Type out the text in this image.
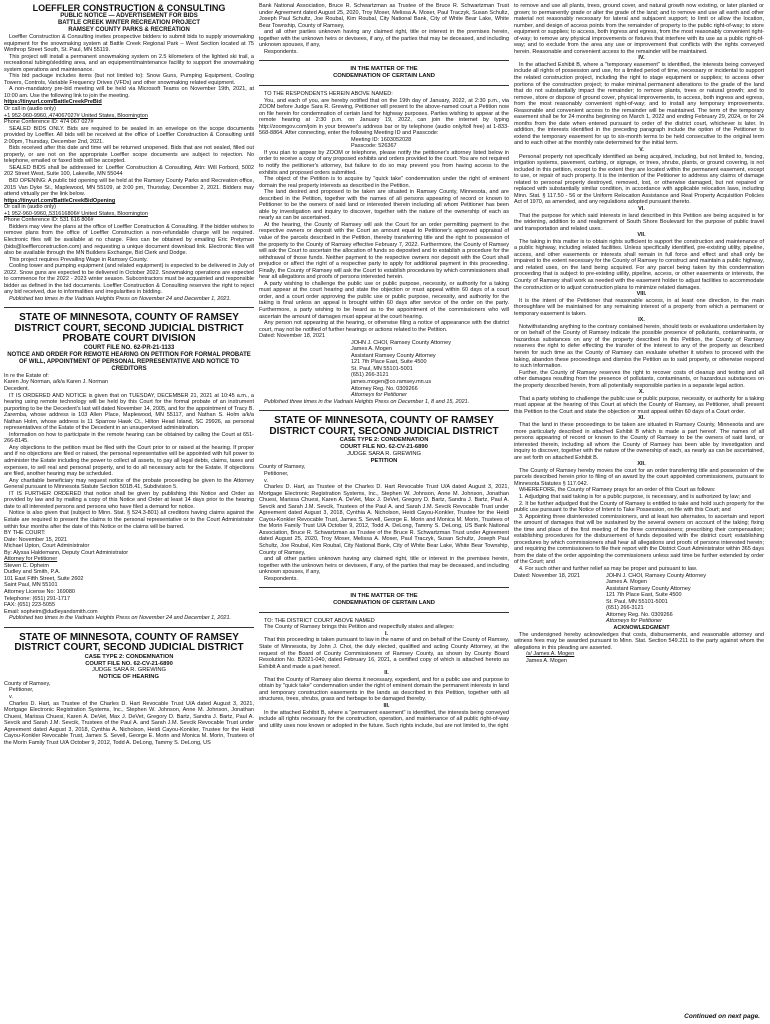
LOEFFLER CONSTRUCTION & CONSULTING
PUBLIC NOTICE — ADVERTISEMENT FOR BIDS
BATTLE CREEK WINTER RECREATION PROJECT
RAMSEY COUNTY PARKS & RECREATION

Loeffler Construction & Consulting invites prospective bidders to submit bids to supply snowmaking equipment for the snowmaking system at Battle Creek Regional Park – West Section located at 75 Winthrop Street South, St. Paul, MN 55119.

This project will install a permanent snowmaking system on 2.5 kilometers of the lighted ski trail, a recreational tubing/sledding area, and an equipment/maintenance facility to support the snowmaking system operations and maintenance.

This bid package includes items (but not limited to): Snow Guns, Pumping Equipment, Cooling Towers, Controls, Variable Frequency Drives (VFDs) and other snowmaking related equipment.

A non-mandatory pre-bid meeting will be held via Microsoft Teams on November 19th, 2021, at 10:00 am. Use the following link to join the meeting.

https://tinyurl.com/BattleCreekPreBid

Or call in (audio only)

+1 952-960-9960,,474067027# United States, Bloomington

Phone Conference ID: 474 067 027#

SEALED BIDS ONLY. Bids are required to be sealed in an envelope on the scope documents provided by Loeffler. All bids will be received at the office of Loeffler Construction & Consulting until 2:00pm, Thursday, December 2nd, 2021.

Bids received after this date and time will be returned unopened. Bids that are not sealed, filled out properly, or are not on the appropriate Loeffler scope documents are subject to rejection. No telephone, emailed or faxed bids will be accepted.

SEALED BIDS shall be addressed to: Loeffler Construction & Consulting, Attn: Will Forbord, 5002 202 Street West, Suite 100, Lakeville, MN 55044

BID OPENING: A public bid opening will be held at the Ramsey County Parks and Recreation office, 2015 Van Dyke St., Maplewood, MN 55109, at 3:00 pm, Thursday, December 2, 2021. Bidders may attend virtually per the link below.

https://tinyurl.com/BattleCreekBidOpening

Or call in (audio only)

+1 952-960-9960,,531616806# United States, Bloomington

Phone Conference ID: 531 616 806#

Bidders may view the plans at the office of Loeffler Construction & Consulting. If the bidder wishes to remove plans from the office of Loeffler Construction a non-refundable charge will be required. Electronic files will be available at no charge. Files can be obtained by emailing Eric Pretyman (bids@loefflerconstruction.com) and requesting a unique document download link. Electronic files will also be available through the MN Builders Exchange, Bid Clerk and Dodge.

This project requires Prevailing Wage in Ramsey County.

Cooling tower and pumping equipment (and related equipment) is expected to be delivered in July of 2022. Snow guns are expected to be delivered in October 2022. Snowmaking operations are expected to commence for the 2022 - 2023 winter season. Subcontractors must be acquainted and responsible bidder as defined in the bid documents. Loeffler Construction & Consulting reserves the right to reject any bid received, due to informalities and irregularities in bidding.

Published two times in the Vadnais Heights Press on November 24 and December 1, 2021.

STATE OF MINNESOTA, COUNTY OF RAMSEY DISTRICT COURT, SECOND JUDICIAL DISTRICT PROBATE COURT DIVISION
COURT FILE NO. 62-PR-21-1133
NOTICE AND ORDER FOR REMOTE HEARING ON PETITION FOR FORMAL PROBATE OF WILL, APPOINTMENT OF PERSONAL REPRESENTATIVE AND NOTICE TO CREDITORS

In re the Estate of:

Karen Joy Norman, a/k/a Karen J. Norman

Decedent.

IT IS ORDERED AND NOTICE is given that on TUESDAY, DECEMBER 21, 2021 at 10:45 a.m., a hearing using remote technology will be held by this Court for the formal probate of an instrument purporting to be the Decedent's last will dated November 14, 2005, and for the appointment of Tracy B. Zaremba, whose address is 103 Allen Place, Maplewood, MN 55117, and Nathan S. Holm a/k/a Nathan Holm, whose address is 11 Sparrow Hawk Ct., Hilton Head Island, SC 29926, as personal representatives of the Estate of the Decedent in an unsupervised administration.

Information on how to participate in the remote hearing can be obtained by calling the Court at 651-266-8145.

Any objections to the petition must be filed with the Court prior to or raised at the hearing. If proper and if no objections are filed or raised, the personal representative will be appointed with full power to administer the Estate including the power to collect all assets, to pay all legal debts, claims, taxes and expenses, to sell real and personal property, and to do all necessary acts for the Estate. If objections are filed, another hearing may be scheduled.

Any charitable beneficiary may request notice of the probate proceeding be given to the Attorney General pursuant to Minnesota Statute Section 501B.41, Subdivision 5.

IT IS FURTHER ORDERED that notice shall be given by publishing this Notice and Order as provided by law and by mailing a copy of this Notice and Order at least 14 days prior to the hearing date to all interested persons and persons who have filed a demand for notice.

Notice is also given that (subject to Minn. Stat. § 524.3-801) all creditors having claims against the Estate are required to present the claims to the personal representative or to the Court Administrator within four months after the date of this Notice or the claims will be barred.

BY THE COURT:

Date: November 15, 2021

Michael Upton, Court Administrator

By: Alyssa Haldemann, Deputy Court Administrator

Attorney for Petitioner

Steven C. Opheim

Dudley and Smith, P.A.

101 East Fifth Street, Suite 2602

Saint Paul, MN 55101

Attorney License No: 169080

Telephone: (651) 291-1717

FAX: (651) 223-5055

Email: sopheim@dudleyandsmith.com

Published two times in the Vadnais Heights Press on November 24 and December 1, 2021.

STATE OF MINNESOTA, COUNTY OF RAMSEY DISTRICT COURT, SECOND JUDICIAL DISTRICT
CASE TYPE 2: CONDEMNATION
COURT FILE NO. 62-CV-21-6890
JUDGE SARA R. GREWING
NOTICE OF HEARING

County of Ramsey,

Petitioner,

v.

Charles D. Hart, as Trustee of the Charles D. Hart Revocable Trust U/A dated August 3, 2021, Mortgage Electronic Registration Systems, Inc., Stephen W. Johnson, Anne M. Johnson, Jonathan Chuesi, Marissa Chuesi, Karen A. DeVet, Max J. DeVet, Gregory D. Bartz, Sandra J. Bartz, Paul A. Sevcik and Sarah J.M. Sevcik, Trustees of the Paul A. and Sarah J.M. Sevcik Revocable Trust under Agreement dated August 3, 2018, Cynthia A. Nicholson, Heidi Cayou-Konkler, Trustee for the Heidi Cayou-Konkler Revocable Trust, James S. Sevell, George E. Morin and Monica M. Morin, Trustees of the Morin Family Trust U/A October 9, 2012, Todd A. DeLong, Tammy S. DeLong, US

Bank National Association, Bruce R. Schwartzman as Trustee of the Bruce R. Schwartzman Trust under Agreement dated August 25, 2020, Troy Moser, Melissa A. Moser, Paul Traczyk, Susan Schultz, Joseph Paul Schultz, Joe Roubal, Kim Roubal, City National Bank, City of White Bear Lake, White Bear Township, County of Ramsey,

and all other parties unknown having any claimed right, title or interest in the premises herein, together with the unknown heirs or devisees, if any, of the parties that may be deceased, and including unknown spouses, if any,

Respondents.

IN THE MATTER OF THE
CONDEMNATION OF CERTAIN LAND

TO THE RESPONDENTS HEREIN ABOVE NAMED:

You, and each of you, are hereby notified that on the 19th day of January, 2022, at 2:30 p.m., via ZOOM before Judge Sara R. Grewing, Petitioner will present to the above-named court a Petition now on file herein for condemnation of certain land for highway purposes. Parties wishing to appear at the remote hearing at 2:30 p.m. on January 19, 2022, can join the internet by typing http://zoomgov.com/join in your browser's address bar or by telephone (audio only/toll free) at 1-833-568-8864. After connecting, enter the following Meeting ID and Passcode:

Meeting ID: 1603052028

Passcode: 526367

If you plan to appear by ZOOM or telephone, please notify the petitioner's attorney listed below in order to receive a copy of any proposed exhibits and orders provided to the court. You are not required to notify the petitioner's attorney, but failure to do so may prevent you from having access to the exhibits and proposed orders submitted.

The object of the Petition is to acquire by "quick take" condemnation under the right of eminent domain the real property interests as described in the Petition.

The land desired and proposed to be taken are situated in Ramsey County, Minnesota, and are described in the Petition, together with the names of all persons appearing of record or known to Petitioner to be the owners of said land or interested therein including all whom Petitioner has been able by investigation and inquiry to discover, together with the nature of the ownership of each as nearly as can be ascertained.

At the hearing, the County of Ramsey will ask the Court for an order permitting payment to the respective owners or deposit with the Court an amount equal to Petitioner's approved appraisal of value of the parcels described in the Petition, thereby transferring title and the right to possession of the property to the County of Ramsey effective February 7, 2022. Furthermore, the County of Ramsey will ask the Court to ascertain the allocation of funds so deposited and to establish a procedure for the withdrawal of those funds. Neither payment to the respective owners nor deposit with the Court shall prejudice or affect the right of a respective party to apply for additional payment in this proceeding. Finally, the County of Ramsey will ask the Court to establish procedures by which commissioners shall hear all allegations and proofs of persons interested herein.

A party wishing to challenge the public use or public purpose, necessity, or authority for a taking must appear at the court hearing and state the objection or must appeal within 60 days of a court order, and a court order approving the public use or public purpose, necessity, and authority for the taking is final unless an appeal is brought within 60 days after service of the order on the party. Furthermore, a party wishing to be heard as to the appointment of the commissioners who will ascertain the amount of damages must appear at the court hearing.

Any person not appearing at the hearing, or otherwise filing a notice of appearance with the district court, may not be notified of further hearings or actions related to the Petition.

Dated: November 18, 2021

JOHN J. CHOI, Ramsey County Attorney

James A. Mogen

Assistant Ramsey County Attorney

121 7th Place East, Suite 4500

St. Paul, MN 55101-5001

(651) 266-3121

james.mogen@co.ramsey.mn.us

Attorney Reg. No. 0309266

Attorneys for Petitioner

Published three times in the Vadnais Heights Press on December 1, 8 and 15, 2021.

STATE OF MINNESOTA, COUNTY OF RAMSEY DISTRICT COURT, SECOND JUDICIAL DISTRICT
CASE TYPE 2: CONDEMNATION
COURT FILE NO. 62-CV-21-6890
JUDGE SARA R. GREWING
PETITION

County of Ramsey,

Petitioner,

v.

Charles D. Hart, as Trustee of the Charles D. Hart Revocable Trust U/A dated August 3, 2021, Mortgage Electronic Registration Systems, Inc., Stephen W. Johnson, Anne M. Johnson, Jonathan Chuesi, Marissa Chuesi, Karen A. DeVet, Max J. DeVet, Gregory D. Bartz, Sandra J. Bartz, Paul A. Sevcik and Sarah J.M. Sevcik, Trustees of the Paul A. and Sarah J.M. Sevcik Revocable Trust under Agreement dated August 3, 2018, Cynthia A. Nicholson, Heidi Cayou-Konkler, Trustee for the Heidi Cayou-Konkler Revocable Trust, James S. Sevell, George E. Morin and Monica M. Morin, Trustees of the Morin Family Trust U/A October 9, 2012, Todd A. DeLong, Tammy S. DeLong, US Bank National Association, Bruce R. Schwartzman as Trustee of the Bruce R. Schwartzman Trust under Agreement dated August 25, 2020, Troy Moser, Melissa A. Moser, Paul Traczyk, Susan Schultz, Joseph Paul Schultz, Joe Roubal, Kim Roubal, City National Bank, City of White Bear Lake, White Bear Township, County of Ramsey,

and all other parties unknown having any claimed right, title or interest in the premises herein, together with the unknown heirs or devisees, if any, of the parties that may be deceased, and including unknown spouses, if any,

Respondents.

IN THE MATTER OF THE
CONDEMNATION OF CERTAIN LAND

TO: THE DISTRICT COURT ABOVE NAMED

The County of Ramsey brings this Petition and respectfully states and alleges:

I.

That this proceeding is taken pursuant to law in the name of and on behalf of the County of Ramsey, State of Minnesota, by John J. Choi, the duly elected, qualified and acting County Attorney, at the request of the Board of County Commissioners of Ramsey County, as shown by County Board Resolution No. B2021-040, dated February 16, 2021, a certified copy of which is attached hereto as Exhibit A and made a part hereof.

II.

That the County of Ramsey also deems it necessary, expedient, and for a public use and purpose to obtain by "quick take" condemnation under the right of eminent domain the permanent interests in land and temporary construction easements in the lands as described in this Petition, together with all structures, trees, shrubs, grass and herbage to be damaged thereby.

III.

In the attached Exhibit B, where a "permanent easement" is identified, the interests being conveyed include all rights necessary for the construction, operation, and maintenance of all public right-of-way and utility uses now known or adopted in the future. Such rights include, but are not limited to, the right

to remove and use all plants, trees, ground cover, and natural growth now existing, or later planted or grown; to permanently grade or alter the grade of the land; and to remove and use all earth and other material not reasonably necessary for lateral and subjacent support; to limit or allow the location, number, and design of access points from the remainder of property to the public right-of-way; to store equipment or supplies; to access, both ingress and egress, from the most reasonably convenient right-of-way; to remove any physical improvements or fixtures that interfere with its use as a public right-of-way; and to exclude from the area any use or improvement that conflicts with the rights conveyed herein. Reasonable and convenient access to the remainder will be maintained.

IV.

In the attached Exhibit B, where a "temporary easement" is identified, the interests being conveyed include all rights of possession and use, for a limited period of time, necessary or incidental to support the related construction project, including the right to stage equipment or supplies; to access other portions of the construction project; to make minimal permanent alterations to the grade of the land that do not substantially impact the remainder; to remove plants, trees or natural growth; and to remove, store or dispose of ground cover, physical improvements, to access, both ingress and egress, from the most reasonably convenient right-of-way; and to install any temporary improvements. Reasonable and convenient access to the remainder will be maintained. The term of the temporary easement shall be for 24 months beginning on March 1, 2022 and ending February 29, 2024, or for 24 months from the date when entered pursuant to order of the district court, whichever is later. In addition, the interests identified in the preceding paragraph include the option of the Petitioner to extend the temporary easement for up to six-month terms to be held consecutive to the original term and to each other at the monthly rate determined for the initial term.

V.

Personal property not specifically identified as being acquired, including, but not limited to, fencing, irrigation systems, pavement, curbing, or signage, or trees, shrubs, plants, or ground covering, is not included in this petition, except to the extent they are located within the permanent easement, except to use, or repair of such property. It is the intention of the Petitioner to address any claims of damage related to personal property destroyed, removed, lost, or otherwise damaged, but not repaired or replaced with substantially similar condition, in accordance with applicable relocation laws, including Minn. Stat. § 117.50 - 56 or the Uniform Relocation Assistance and Real Property Acquisition Policies Act of 1970, as amended, and any regulations adopted pursuant thereto.

VI.

That the purpose for which said interests in land described in this Petition are being acquired is for the widening, addition to and realignment of South Shore Boulevard for the purpose of public travel and transportation and related uses.

VII.

The taking in this matter is to obtain rights sufficient to support the construction and maintenance of a public highway, including related facilities. Unless specifically identified, pre-existing utility, pipeline, access, and other easements or interests shall remain in full force and effect and shall only be impaired to the extent necessary for the County of Ramsey to construct and maintain a public highway, and related uses, on the land being acquired. For any parcel being taken by this condemnation proceeding that is subject to pre-existing utility, pipeline, access, or other easements or interests, the County of Ramsey shall work as needed with the easement holder to adjust facilities to accommodate the construction or to adjust construction plans to minimize related damages.

VIII.

It is the intent of the Petitioner that reasonable access, in at least one direction, to the main thoroughfare will be maintained for any remaining interest of a property from which a permanent or temporary easement is taken.

IX.

Notwithstanding anything to the contrary contained herein, should tests or evaluations undertaken by or on behalf of the County of Ramsey indicate the possible presence of pollutants, contaminants, or hazardous substances on any of the property described in this Petition, the County of Ramsey reserves the right to defer effecting the transfer of the interest to any of the property as described herein for such time as the County of Ramsey can evaluate whether it wishes to proceed with the taking, abandon these proceedings and dismiss the Petition as to said property, or otherwise respond to such information.

Further, the County of Ramsey reserves the right to recover costs of cleanup and testing and all other damages resulting from the presence of pollutants, contaminants, or hazardous substances on the property described herein, from all potentially responsible parties in a separate legal action.

X.

That a party wishing to challenge the public use or public purpose, necessity, or authority for a taking must appear at the hearing of this Court at which the County of Ramsey, as Petitioner, shall present this Petition to the Court and state the objection or must appeal within 60 days of a Court order.

XI.

That the land in these proceedings to be taken are situated in Ramsey County, Minnesota and are more particularly described in attached Exhibit B which is made a part hereof. The names of all persons appearing of record or known to the County of Ramsey to be the owners of said land, or interested therein, including all whom the County of Ramsey has been able by investigation and inquiry to discover, together with the nature of the ownership of each, as nearly as can be ascertained, are set forth on attached Exhibit B.

XII.

The County of Ramsey hereby moves the court for an order transferring title and possession of the parcels described herein prior to filing of an award by the court appointed commissioners, pursuant to Minnesota Statutes § 117.042.

WHEREFORE, the County of Ramsey prays for an order of this Court as follows:

1. Adjudging that said taking is for a public purpose, is necessary, and is authorized by law; and

2. It be further adjudged that the County of Ramsey is entitled to take and hold such property for the public use pursuant to the Notice of Intent to Take Possession, on file with this Court; and

3. Appointing three disinterested commissioners, and at least two alternates, to ascertain and report the amount of damages that will be sustained by the several owners on account of the taking; fixing the time and place of the first meeting of the three commissioners; prescribing their compensation; establishing procedures for the disbursement of funds deposited with the district court; establishing procedures by which commissioners shall hear all allegations and proofs of persons interested herein; and requiring the commissioners to file their report with the District Court Administrator within 365 days from the date of the order appointing the commissioners unless said time be further extended by order of the Court; and

4. For such other and further relief as may be proper and pursuant to law.

Dated: November 18, 2021	JOHN J. CHOI, Ramsey County Attorney

James A. Mogen

Assistant Ramsey County Attorney

121 7th Place East, Suite 4500

St. Paul, MN 55101-5001

(651) 266-3121

Attorney Reg. No. 0309266

Attorneys for Petitioner

ACKNOWLEDGMENT

The undersigned hereby acknowledges that costs, disbursements, and reasonable attorney and witness fees may be awarded pursuant to Minn. Stat. Section 549.211 to the party against whom the allegations in this pleading are asserted.

/s/ James A. Mogen

James A. Mogen

Continued on next page.
